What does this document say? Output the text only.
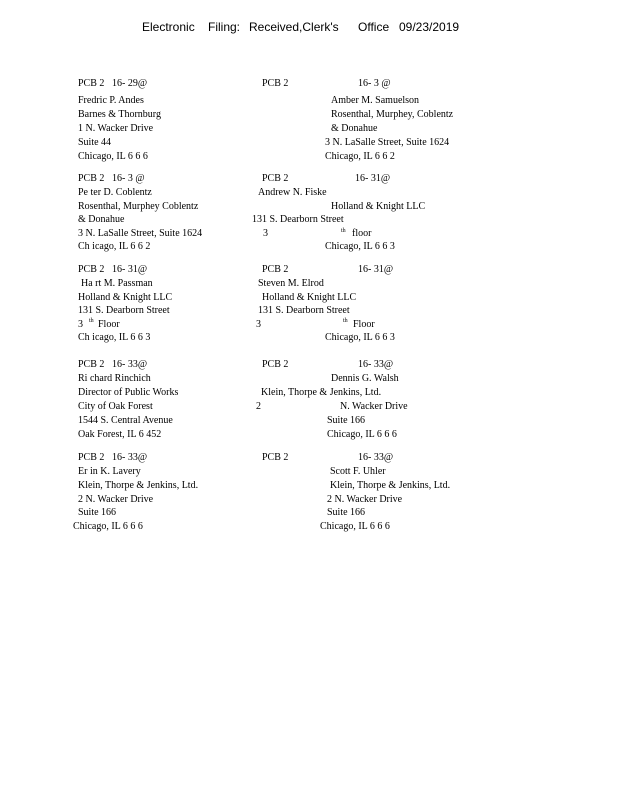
Electronic Filing: Received,Clerk's Office 09/23/2019
PCB 2 16- 29@
Fredric P. Andes
Barnes & Thornburg
1 N. Wacker Drive
Suite 44
Chicago, IL 6 6 6
PCB 2	16- 3 @
Amber M. Samuelson
Rosenthal, Murphey, Coblentz
& Donahue
3 N. LaSalle Street, Suite 1624
Chicago, IL 6 6 2
PCB 2 16- 3 @
Pe ter D. Coblentz
Rosenthal, Murphey Coblentz
& Donahue
3 N. LaSalle Street, Suite 1624
Ch icago, IL 6 6 2
PCB 2	16- 31@
Andrew N. Fiske
Holland & Knight LLC
131 S. Dearborn Street
3	th floor
Chicago, IL 6 6 3
PCB 2 16- 31@
Ha rt M. Passman
Holland & Knight LLC
131 S. Dearborn Street
3 th Floor
Ch icago, IL 6 6 3
PCB 2	16- 31@
Steven M. Elrod
Holland & Knight LLC
131 S. Dearborn Street
3	th Floor
Chicago, IL 6 6 3
PCB 2 16- 33@
Ri chard Rinchich
Director of Public Works
City of Oak Forest
1544 S. Central Avenue
Oak Forest, IL 6 452
PCB 2	16- 33@
Dennis G. Walsh
Klein, Thorpe & Jenkins, Ltd.
2	N. Wacker Drive
Suite 166
Chicago, IL 6 6 6
PCB 2 16- 33@
Er in K. Lavery
Klein, Thorpe & Jenkins, Ltd.
2 N. Wacker Drive
Suite 166
Chicago, IL 6 6 6
PCB 2	16- 33@
Scott F. Uhler
Klein, Thorpe & Jenkins, Ltd.
2 N. Wacker Drive
Suite 166
Chicago, IL 6 6 6
